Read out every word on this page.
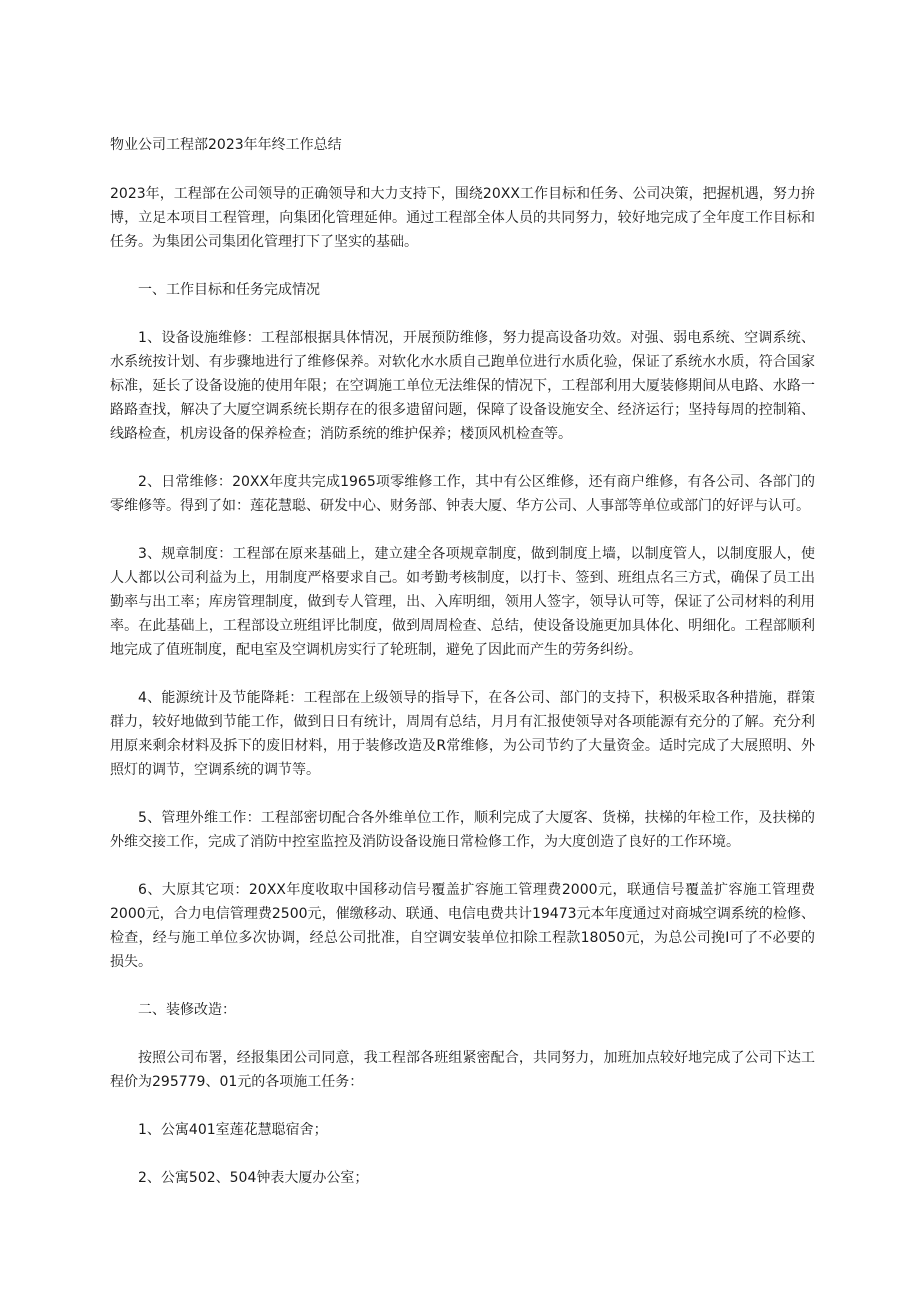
物业公司工程部2023年年终工作总结

2023年，工程部在公司领导的正确领导和大力支持下，围绕20XX工作目标和任务、公司决策，把握机遇，努力拚博，立足本项目工程管理，向集团化管理延伸。通过工程部全体人员的共同努力，较好地完成了全年度工作目标和任务。为集团公司集团化管理打下了坚实的基础。

一、工作目标和任务完成情况

1、设备设施维修：工程部根据具体情况，开展预防维修，努力提高设备功效。对强、弱电系统、空调系统、水系统按计划、有步骤地进行了维修保养。对软化水水质自己跑单位进行水质化验，保证了系统水水质，符合国家标准，延长了设备设施的使用年限；在空调施工单位无法维保的情况下，工程部利用大厦装修期间从电路、水路一路路查找，解决了大厦空调系统长期存在的很多遗留问题，保障了设备设施安全、经济运行；坚持每周的控制箱、线路检查，机房设备的保养检查；消防系统的维护保养；楼顶风机检查等。

2、日常维修：20XX年度共完成1965项零维修工作，其中有公区维修，还有商户维修，有各公司、各部门的零维修等。得到了如：莲花慧聪、研发中心、财务部、钟表大厦、华方公司、人事部等单位或部门的好评与认可。

3、规章制度：工程部在原来基础上，建立建全各项规章制度，做到制度上墙，以制度管人，以制度服人，使人人都以公司利益为上，用制度严格要求自己。如考勤考核制度，以打卡、签到、班组点名三方式，确保了员工出勤率与出工率；库房管理制度，做到专人管理，出、入库明细，领用人签字，领导认可等，保证了公司材料的利用率。在此基础上，工程部设立班组评比制度，做到周周检查、总结，使设备设施更加具体化、明细化。工程部顺利地完成了值班制度，配电室及空调机房实行了轮班制，避免了因此而产生的劳务纠纷。

4、能源统计及节能降耗：工程部在上级领导的指导下，在各公司、部门的支持下，积极采取各种措施，群策群力，较好地做到节能工作，做到日日有统计，周周有总结，月月有汇报使领导对各项能源有充分的了解。充分利用原来剩余材料及拆下的废旧材料，用于装修改造及R常维修，为公司节约了大量资金。适时完成了大展照明、外照灯的调节，空调系统的调节等。

5、管理外维工作：工程部密切配合各外维单位工作，顺利完成了大厦客、货梯，扶梯的年检工作，及扶梯的外维交接工作，完成了消防中控室监控及消防设备设施日常检修工作，为大度创造了良好的工作环境。

6、大原其它项：20XX年度收取中国移动信号覆盖扩容施工管理费2000元，联通信号覆盖扩容施工管理费2000元，合力电信管理费2500元，催缴移动、联通、电信电费共计19473元本年度通过对商城空调系统的检修、检查，经与施工单位多次协调，经总公司批准，自空调安装单位扣除工程款18050元，为总公司挽I可了不必要的损失。

二、装修改造：

按照公司布署，经报集团公司同意，我工程部各班组紧密配合，共同努力，加班加点较好地完成了公司下达工程价为295779、01元的各项施工任务：

1、公寓401室莲花慧聪宿舍；

2、公寓502、504钟表大厦办公室；
